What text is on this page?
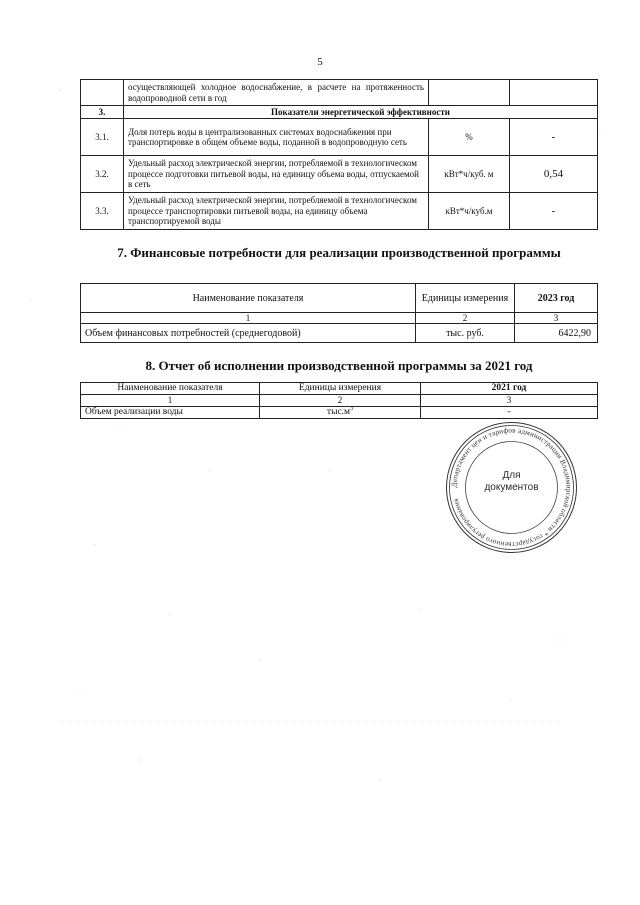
5
	осуществляющей холодное водоснабжение, в расчете на протяженность водопроводной сети в год		
3.	Показатели энергетической эффективности		
3.1.	Доля потерь воды в централизованных системах водоснабжения при транспортировке в общем объеме воды, поданной в водопроводную сеть	%	-
3.2.	Удельный расход электрической энергии, потребляемой в технологическом процессе подготовки питьевой воды, на единицу объема воды, отпускаемой в сеть	кВт*ч/куб. м	0,54
3.3.	Удельный расход электрической энергии, потребляемой в технологическом процессе транспортировки питьевой воды, на единицу объема транспортируемой воды	кВт*ч/куб.м	-
7. Финансовые потребности для реализации производственной программы
Наименование показателя	Единицы измерения	2023 год
1	2	3
Объем финансовых потребностей (среднегодовой)	тыс. руб.	6422,90
8. Отчет об исполнении производственной программы за 2021 год
Наименование показателя	Единицы измерения	2021 год
1	2	3
Объем реализации воды	$тыс.м^3$	-
Департамент цен и тарифов администрации Владимирской области * государственного регулирования
Для
документов
